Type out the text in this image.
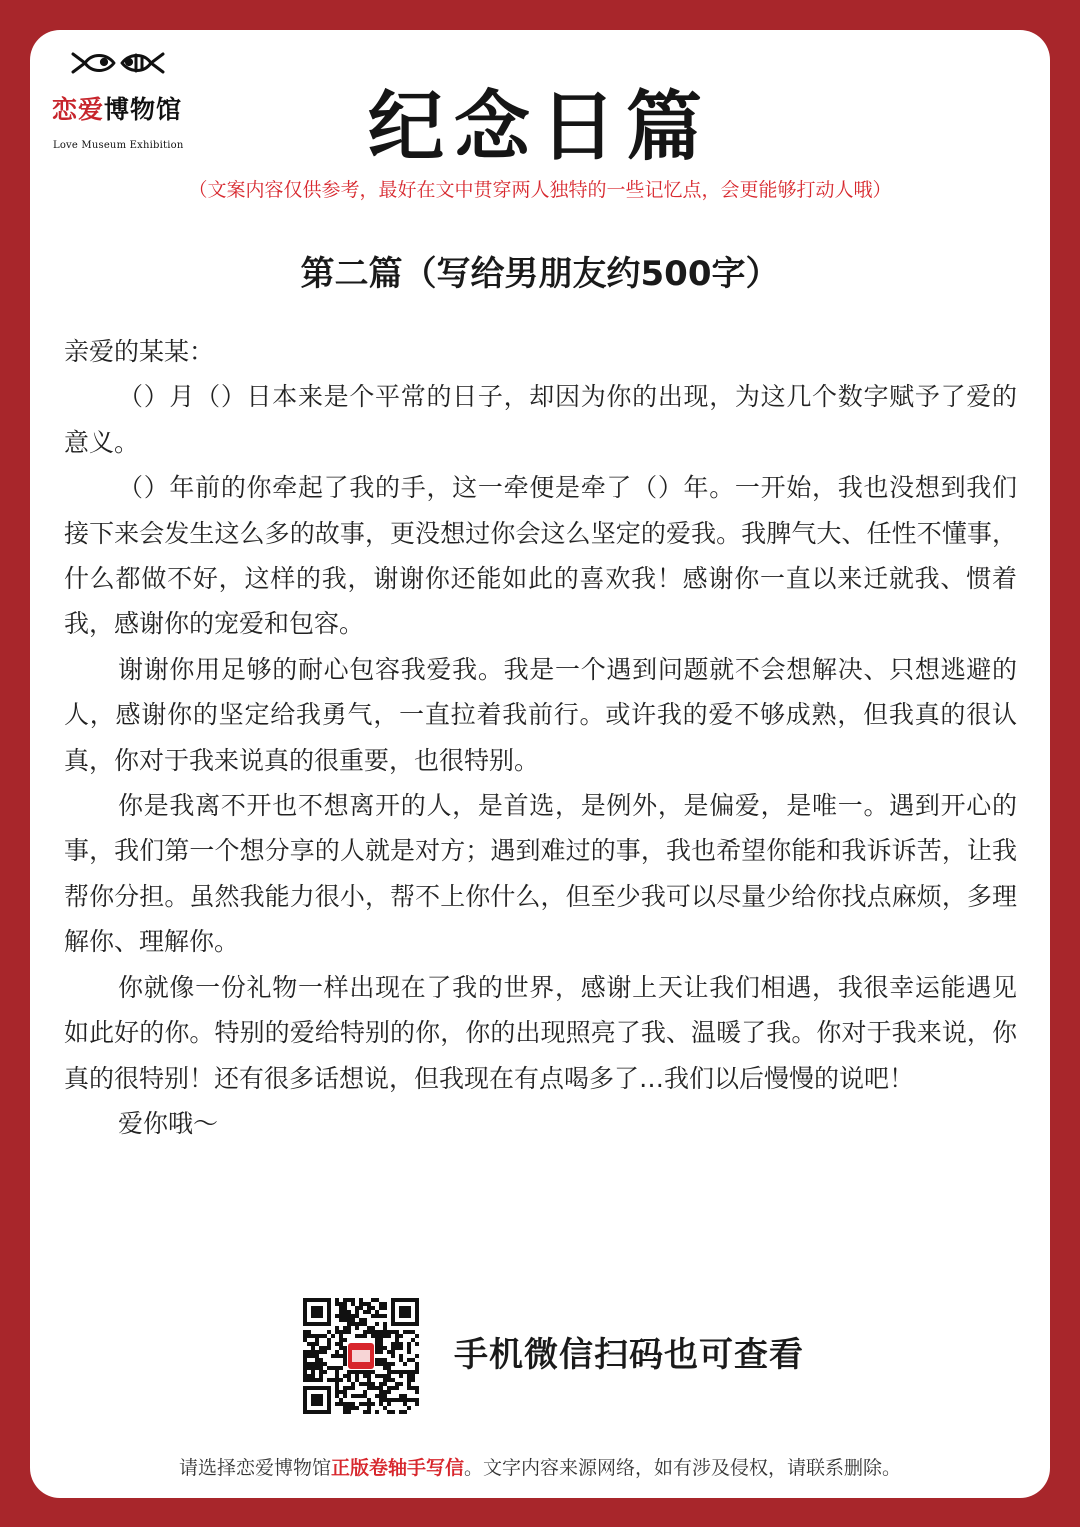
恋爱博物馆
Love Museum Exhibition	纪念日篇
（文案内容仅供参考，最好在文中贯穿两人独特的一些记忆点，会更能够打动人哦）
第二篇（写给男朋友约500字）

亲爱的某某：

（）月（）日本来是个平常的日子，却因为你的出现，为这几个数字赋予了爱的意义。

（）年前的你牵起了我的手，这一牵便是牵了（）年。一开始，我也没想到我们接下来会发生这么多的故事，更没想过你会这么坚定的爱我。我脾气大、任性不懂事，什么都做不好，这样的我，谢谢你还能如此的喜欢我！感谢你一直以来迁就我、惯着我，感谢你的宠爱和包容。

谢谢你用足够的耐心包容我爱我。我是一个遇到问题就不会想解决、只想逃避的人，感谢你的坚定给我勇气，一直拉着我前行。或许我的爱不够成熟，但我真的很认真，你对于我来说真的很重要，也很特别。

你是我离不开也不想离开的人，是首选，是例外，是偏爱，是唯一。遇到开心的事，我们第一个想分享的人就是对方；遇到难过的事，我也希望你能和我诉诉苦，让我帮你分担。虽然我能力很小，帮不上你什么，但至少我可以尽量少给你找点麻烦，多理解你、理解你。

你就像一份礼物一样出现在了我的世界，感谢上天让我们相遇，我很幸运能遇见如此好的你。特别的爱给特别的你，你的出现照亮了我、温暖了我。你对于我来说，你真的很特别！还有很多话想说，但我现在有点喝多了…我们以后慢慢的说吧！

爱你哦～

手机微信扫码也可查看
请选择恋爱博物馆正版卷轴手写信。文字内容来源网络，如有涉及侵权，请联系删除。
